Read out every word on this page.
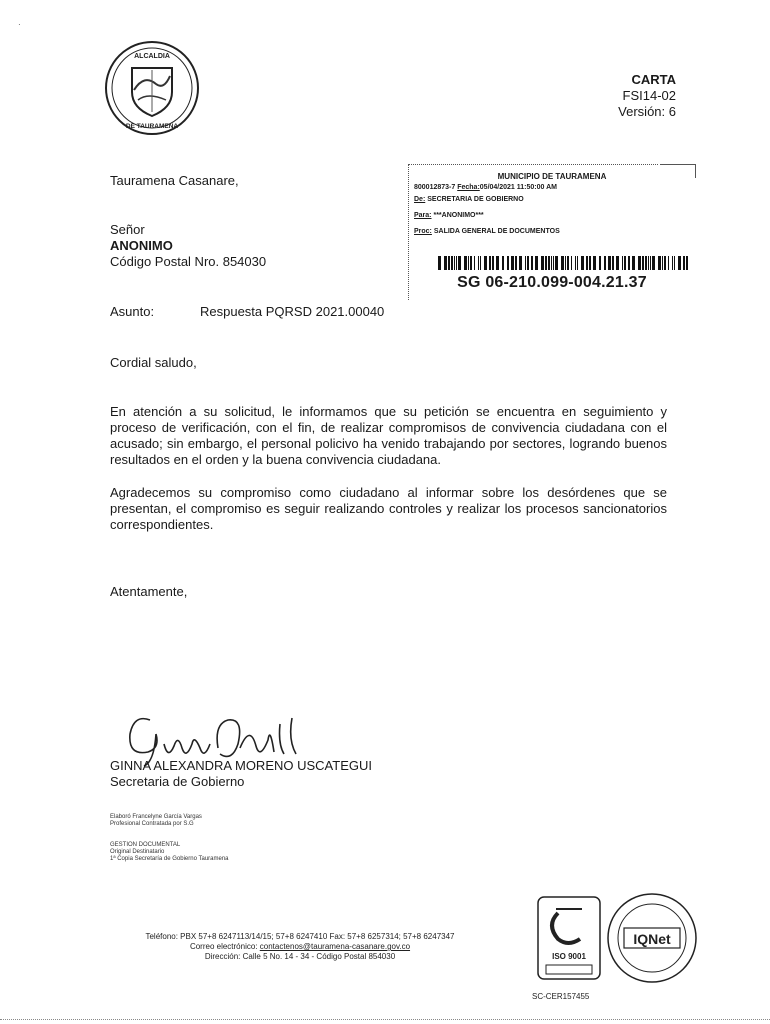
·
ALCALDIA
DE TAURAMENA
CARTA
FSI14-02
Versión: 6
Tauramena Casanare,
Señor
ANONIMO
Código Postal Nro. 854030
MUNICIPIO DE TAURAMENA
800012873-7 Fecha:05/04/2021 11:50:00 AM
De: SECRETARIA DE GOBIERNO
Para: ***ANONIMO***
Proc: SALIDA GENERAL DE DOCUMENTOS
SG 06-210.099-004.21.37
Asunto:	Respuesta PQRSD 2021.00040
Cordial saludo,
En atención a su solicitud, le informamos que su petición se encuentra en seguimiento y proceso de verificación, con el fin, de realizar compromisos de convivencia ciudadana con el acusado; sin embargo, el personal policivo ha venido trabajando por sectores, logrando buenos resultados en el orden y la buena convivencia ciudadana.
Agradecemos su compromiso como ciudadano al informar sobre los desórdenes que se presentan, el compromiso es seguir realizando controles y realizar los procesos sancionatorios correspondientes.
Atentamente,
GINNA ALEXANDRA MORENO USCATEGUI
Secretaria de Gobierno
Elaboró Francelyne García Vargas
Profesional Contratada por S.G
GESTION DOCUMENTAL
Original Destinatario
1ª Copia Secretaría de Gobierno Tauramena
Teléfono: PBX 57+8 6247113/14/15; 57+8 6247410 Fax: 57+8 6257314; 57+8 6247347
Correo electrónico: contactenos@tauramena-casanare.gov.co
Dirección: Calle 5 No. 14 - 34 - Código Postal 854030	ISO 9001
IQNet
SC-CER157455
